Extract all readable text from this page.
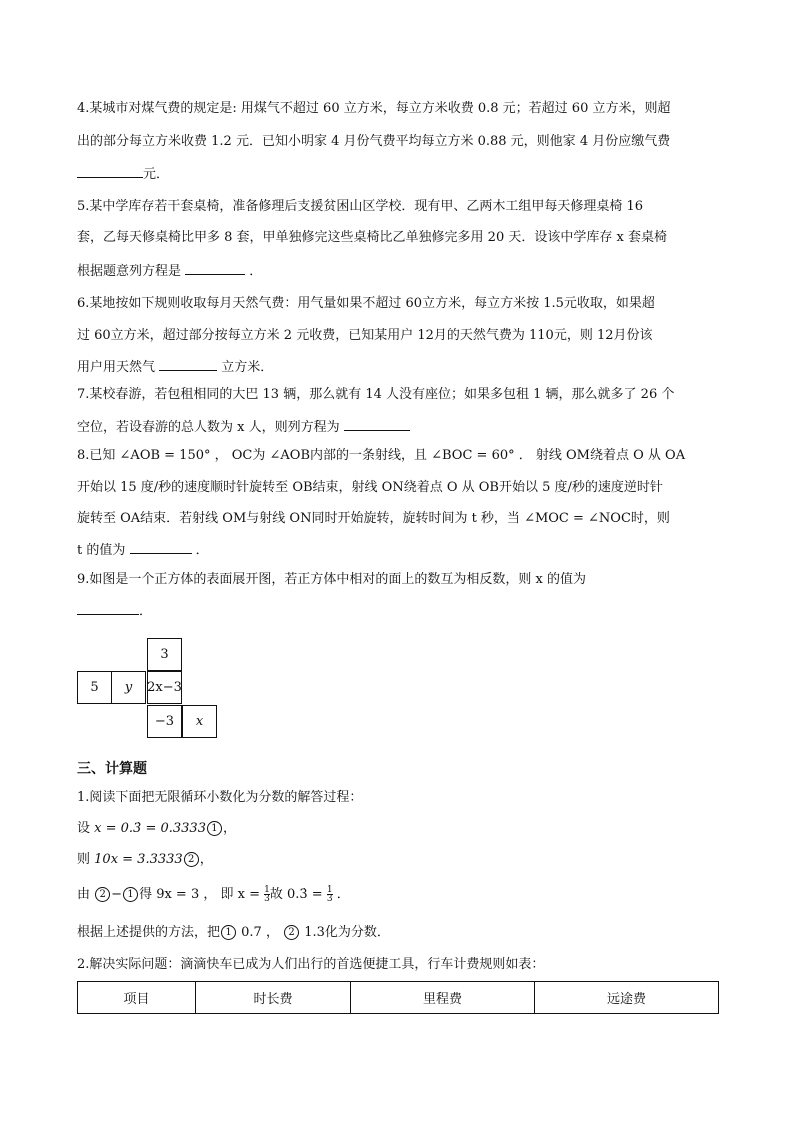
4.某城市对煤气费的规定是: 用煤气不超过 60 立方米，每立方米收费 0.8 元；若超过 60 立方米，则超
出的部分每立方米收费 1.2 元．已知小明家 4 月份气费平均每立方米 0.88 元，则他家 4 月份应缴气费
元．
5.某中学库存若干套桌椅，准备修理后支援贫困山区学校．现有甲、乙两木工组甲每天修理桌椅 16
套，乙每天修桌椅比甲多 8 套，甲单独修完这些桌椅比乙单独修完多用 20 天．设该中学库存 x 套桌椅
根据题意列方程是	．
6.某地按如下规则收取每月天然气费：用气量如果不超过 60立方米，每立方米按 1.5元收取，如果超
过 60立方米，超过部分按每立方米 2 元收费，已知某用户 12月的天然气费为 110元，则 12月份该
用户用天然气	立方米．
7.某校春游，若包租相同的大巴 13 辆，那么就有 14 人没有座位；如果多包租 1 辆，那么就多了 26 个
空位，若设春游的总人数为 x 人，则列方程为
8.已知 ∠AOB = 150° ， OC为 ∠AOB内部的一条射线，且 ∠BOC = 60° ． 射线 OM绕着点 O 从 OA
开始以 15 度/秒的速度顺时针旋转至 OB结束，射线 ON绕着点 O 从 OB开始以 5 度/秒的速度逆时针
旋转至 OA结束．若射线 OM与射线 ON同时开始旋转，旋转时间为 t 秒，当 ∠MOC = ∠NOC时，则
t 的值为	．
9.如图是一个正方体的表面展开图，若正方体中相对的面上的数互为相反数，则 x 的值为
．
3
5	y	2x−3
−3	x
三、计算题
1.阅读下面把无限循环小数化为分数的解答过程：
设 x = 0.3̇ = 0.3333 1 ，
则 10x = 3.3333 2 ，
由 2 − 1 得 9x = 3 ， 即 $x = \frac{1}{3}$ 故 0.3̇ = $\frac{1}{3}$ ．
根据上述提供的方法，把 1 0.7 ， 2 1.3化为分数．
2.解决实际问题：滴滴快车已成为人们出行的首选便捷工具，行车计费规则如表：
项目	时长费	里程费	远途费
